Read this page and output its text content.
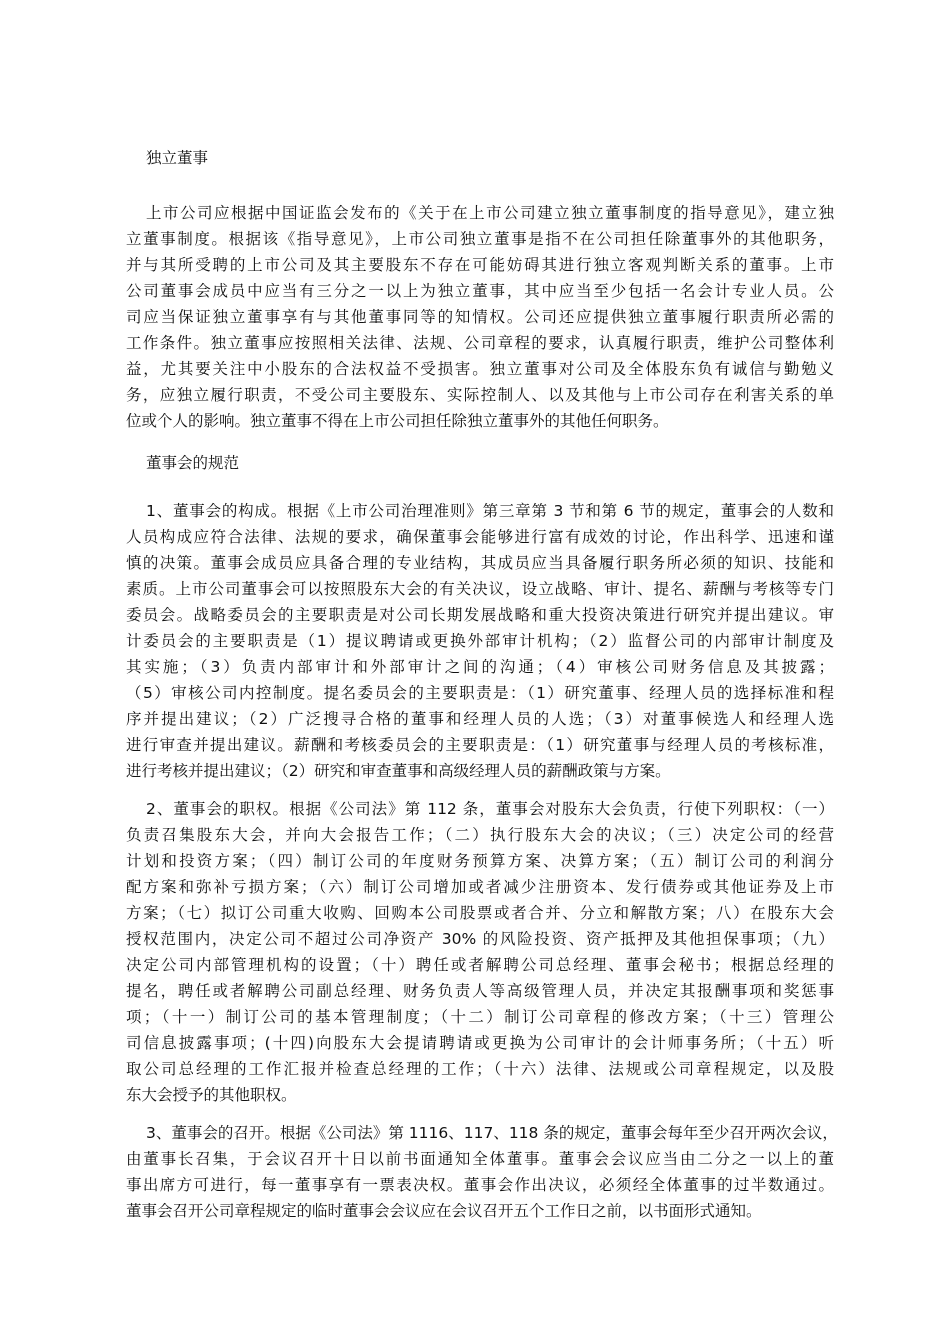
独立董事
上市公司应根据中国证监会发布的《关于在上市公司建立独立董事制度的指导意见》，建立独
立董事制度。根据该《指导意见》，上市公司独立董事是指不在公司担任除董事外的其他职务，
并与其所受聘的上市公司及其主要股东不存在可能妨碍其进行独立客观判断关系的董事。上市
公司董事会成员中应当有三分之一以上为独立董事，其中应当至少包括一名会计专业人员。公
司应当保证独立董事享有与其他董事同等的知情权。公司还应提供独立董事履行职责所必需的
工作条件。独立董事应按照相关法律、法规、公司章程的要求，认真履行职责，维护公司整体利
益，尤其要关注中小股东的合法权益不受损害。独立董事对公司及全体股东负有诚信与勤勉义
务，应独立履行职责，不受公司主要股东、实际控制人、以及其他与上市公司存在利害关系的单
位或个人的影响。独立董事不得在上市公司担任除独立董事外的其他任何职务。
董事会的规范
1、董事会的构成。根据《上市公司治理准则》第三章第 3 节和第 6 节的规定，董事会的人数和
人员构成应符合法律、法规的要求，确保董事会能够进行富有成效的讨论，作出科学、迅速和谨
慎的决策。董事会成员应具备合理的专业结构，其成员应当具备履行职务所必须的知识、技能和
素质。上市公司董事会可以按照股东大会的有关决议，设立战略、审计、提名、薪酬与考核等专门
委员会。战略委员会的主要职责是对公司长期发展战略和重大投资决策进行研究并提出建议。审
计委员会的主要职责是（1）提议聘请或更换外部审计机构；（2）监督公司的内部审计制度及
其实施；（3）负责内部审计和外部审计之间的沟通；（4）审核公司财务信息及其披露；
（5）审核公司内控制度。提名委员会的主要职责是：（1）研究董事、经理人员的选择标准和程
序并提出建议；（2）广泛搜寻合格的董事和经理人员的人选；（3）对董事候选人和经理人选
进行审查并提出建议。薪酬和考核委员会的主要职责是：（1）研究董事与经理人员的考核标准，
进行考核并提出建议；（2）研究和审查董事和高级经理人员的薪酬政策与方案。
2、董事会的职权。根据《公司法》第 112 条，董事会对股东大会负责，行使下列职权：（一）
负责召集股东大会，并向大会报告工作；（二）执行股东大会的决议；（三）决定公司的经营
计划和投资方案；（四）制订公司的年度财务预算方案、决算方案；（五）制订公司的利润分
配方案和弥补亏损方案；（六）制订公司增加或者减少注册资本、发行债券或其他证券及上市
方案；（七）拟订公司重大收购、回购本公司股票或者合并、分立和解散方案；八）在股东大会
授权范围内，决定公司不超过公司净资产 30% 的风险投资、资产抵押及其他担保事项；（九）
决定公司内部管理机构的设置；（十）聘任或者解聘公司总经理、董事会秘书；根据总经理的
提名，聘任或者解聘公司副总经理、财务负责人等高级管理人员，并决定其报酬事项和奖惩事
项；（十一）制订公司的基本管理制度；（十二）制订公司章程的修改方案；（十三）管理公
司信息披露事项；(十四)向股东大会提请聘请或更换为公司审计的会计师事务所；（十五）听
取公司总经理的工作汇报并检查总经理的工作；（十六）法律、法规或公司章程规定，以及股
东大会授予的其他职权。
3、董事会的召开。根据《公司法》第 1116、117、118 条的规定，董事会每年至少召开两次会议，
由董事长召集，于会议召开十日以前书面通知全体董事。董事会会议应当由二分之一以上的董
事出席方可进行，每一董事享有一票表决权。董事会作出决议，必须经全体董事的过半数通过。
董事会召开公司章程规定的临时董事会会议应在会议召开五个工作日之前，以书面形式通知。
